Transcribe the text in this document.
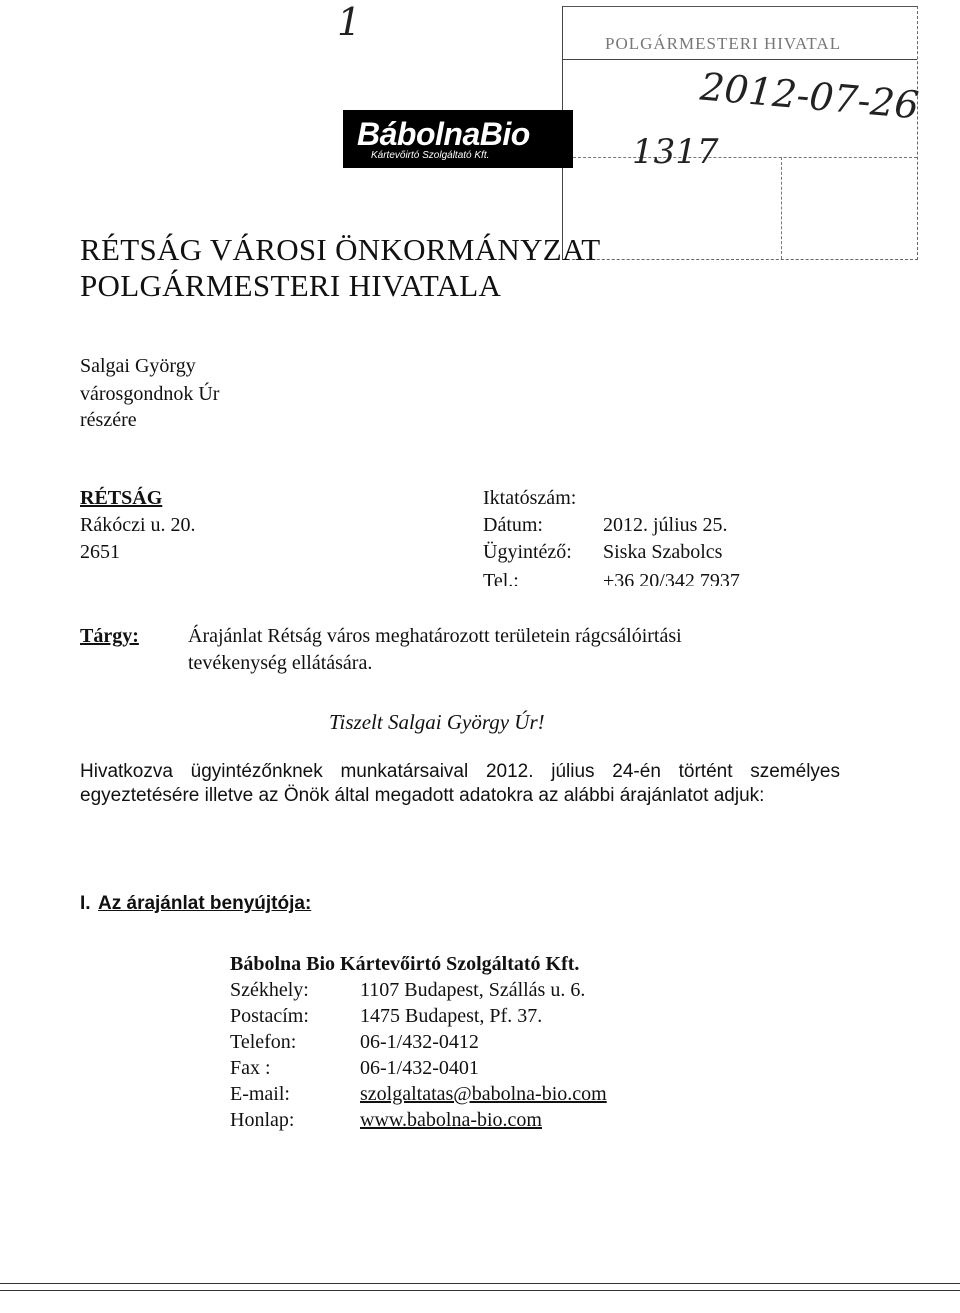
1	POLGÁRMESTERI HIVATAL
2012-07-26
1317
BábolnaBio
Kártevőirtó Szolgáltató Kft.
RÉTSÁG VÁROSI ÖNKORMÁNYZAT
POLGÁRMESTERI HIVATALA
Salgai György
városgondnok Úr
részére
RÉTSÁG
Rákóczi u. 20.
2651
Iktatószám:
Dátum:	2012. július 25.
Ügyintéző: Siska Szabolcs
Tel.:	+36 20/342 7937
Tárgy: Árajánlat Rétság város meghatározott területein rágcsálóirtási
tevékenység ellátására.
Tiszelt Salgai György Úr!
Hivatkozva ügyintézőnknek munkatársaival 2012. július 24-én történt személyes egyeztetésére illetve az Önök által megadott adatokra az alábbi árajánlatot adjuk:
I. Az árajánlat benyújtója:
Bábolna Bio Kártevőirtó Szolgáltató Kft.
Székhely:	1107 Budapest, Szállás u. 6.
Postacím:	1475 Budapest, Pf. 37.
Telefon:	06-1/432-0412
Fax :	06-1/432-0401
E-mail:	szolgaltatas@babolna-bio.com
Honlap:	www.babolna-bio.com
